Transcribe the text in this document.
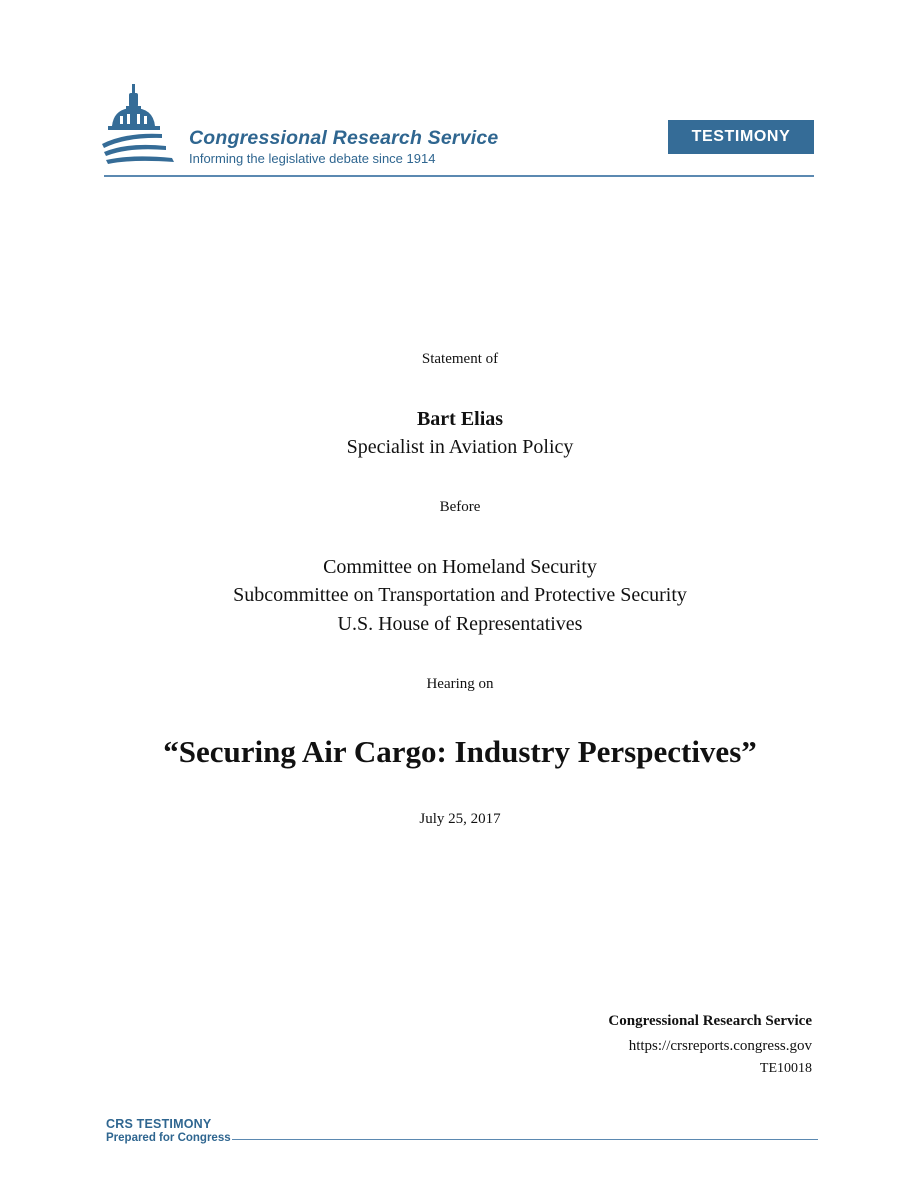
Congressional Research Service
Informing the legislative debate since 1914
TESTIMONY
Statement of
Bart Elias
Specialist in Aviation Policy
Before
Committee on Homeland Security
Subcommittee on Transportation and Protective Security
U.S. House of Representatives
Hearing on
“Securing Air Cargo: Industry Perspectives”
July 25, 2017
Congressional Research Service
https://crsreports.congress.gov
TE10018
CRS TESTIMONY
Prepared for Congress
